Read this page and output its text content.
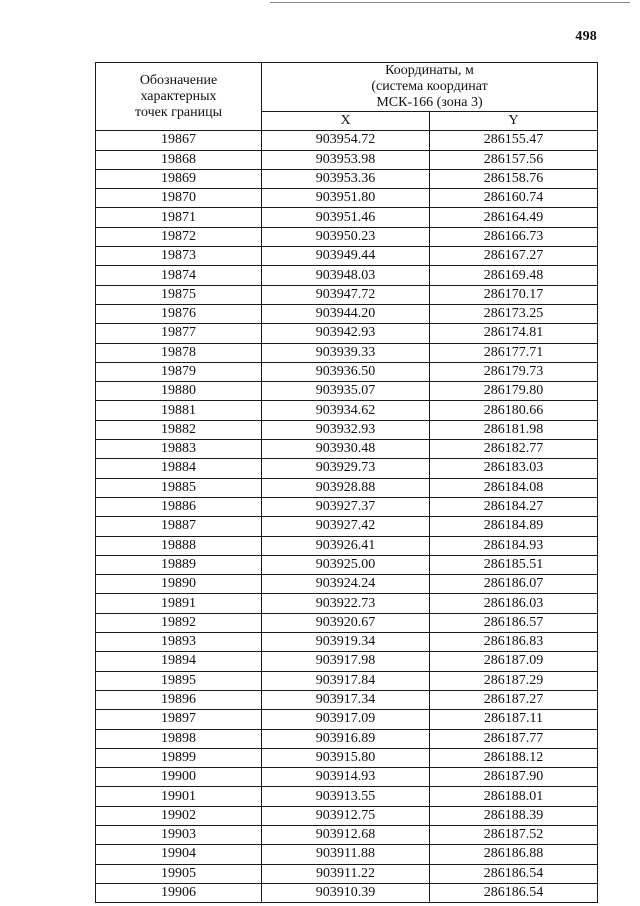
498
Обозначение
характерных
точек границы	Координаты, м
(система координат
МСК-166 (зона 3)	
	X	Y
19867	903954.72	286155.47
19868	903953.98	286157.56
19869	903953.36	286158.76
19870	903951.80	286160.74
19871	903951.46	286164.49
19872	903950.23	286166.73
19873	903949.44	286167.27
19874	903948.03	286169.48
19875	903947.72	286170.17
19876	903944.20	286173.25
19877	903942.93	286174.81
19878	903939.33	286177.71
19879	903936.50	286179.73
19880	903935.07	286179.80
19881	903934.62	286180.66
19882	903932.93	286181.98
19883	903930.48	286182.77
19884	903929.73	286183.03
19885	903928.88	286184.08
19886	903927.37	286184.27
19887	903927.42	286184.89
19888	903926.41	286184.93
19889	903925.00	286185.51
19890	903924.24	286186.07
19891	903922.73	286186.03
19892	903920.67	286186.57
19893	903919.34	286186.83
19894	903917.98	286187.09
19895	903917.84	286187.29
19896	903917.34	286187.27
19897	903917.09	286187.11
19898	903916.89	286187.77
19899	903915.80	286188.12
19900	903914.93	286187.90
19901	903913.55	286188.01
19902	903912.75	286188.39
19903	903912.68	286187.52
19904	903911.88	286186.88
19905	903911.22	286186.54
19906	903910.39	286186.54
